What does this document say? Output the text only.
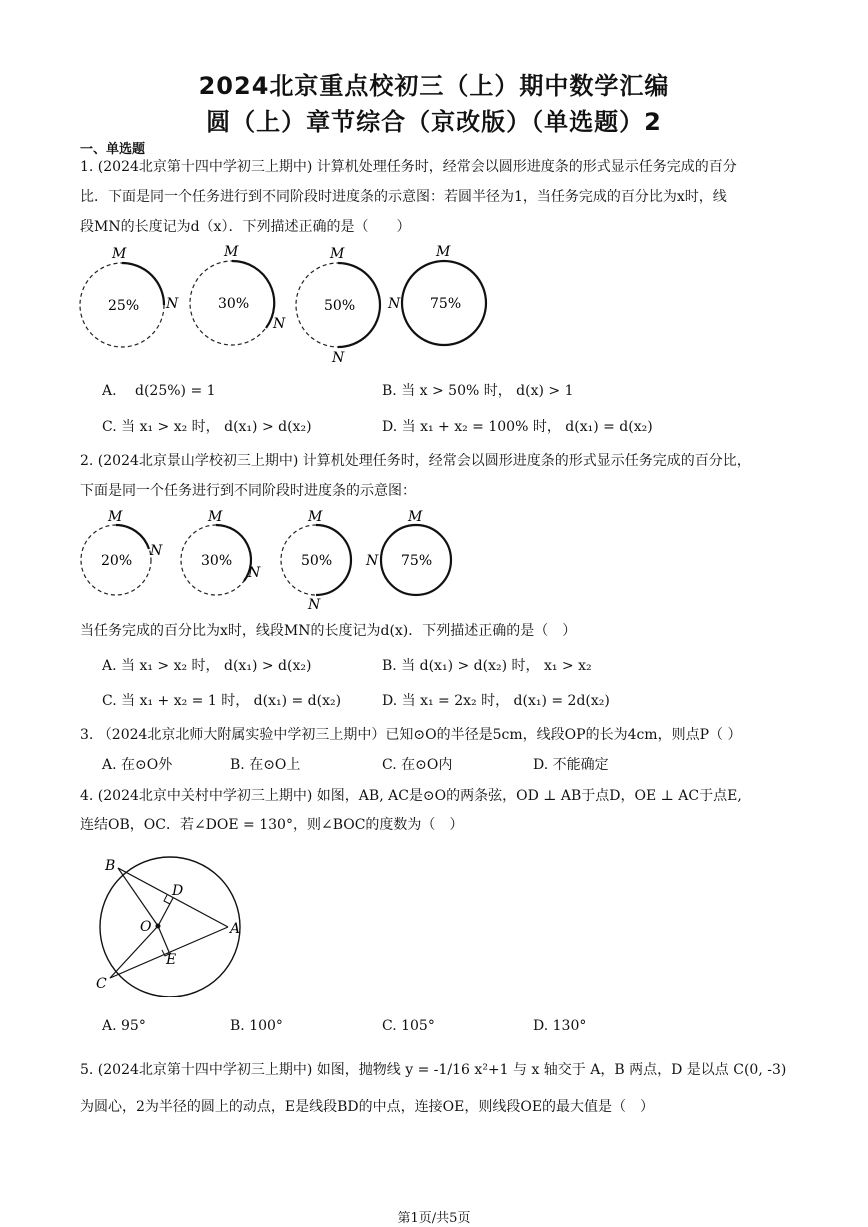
2024北京重点校初三（上）期中数学汇编
圆（上）章节综合（京改版）（单选题）2
一、单选题
1. (2024北京第十四中学初三上期中) 计算机处理任务时，经常会以圆形进度条的形式显示任务完成的百分
比．下面是同一个任务进行到不同阶段时进度条的示意图：若圆半径为1，当任务完成的百分比为x时，线
段MN的长度记为d（x）．下列描述正确的是（　　）
25%
M
N	30%
M
N
50%
M
N
75%
M
N
A.　 d(25%) = 1	B. 当 x > 50% 时， d(x) > 1
C. 当 x₁ > x₂ 时， d(x₁) > d(x₂)	D. 当 x₁ + x₂ = 100% 时， d(x₁) = d(x₂)
2. (2024北京景山学校初三上期中) 计算机处理任务时，经常会以圆形进度条的形式显示任务完成的百分比，
下面是同一个任务进行到不同阶段时进度条的示意图：
20%
M
N
30%
M
N
50%
M
N
75%
M
N
当任务完成的百分比为x时，线段MN的长度记为d(x)．下列描述正确的是（　）
A. 当 x₁ > x₂ 时， d(x₁) > d(x₂)	B. 当 d(x₁) > d(x₂) 时， x₁ > x₂
C. 当 x₁ + x₂ = 1 时， d(x₁) = d(x₂)	D. 当 x₁ = 2x₂ 时， d(x₁) = 2d(x₂)
3. （2024北京北师大附属实验中学初三上期中）已知⊙O的半径是5cm，线段OP的长为4cm，则点P（ ）
A. 在⊙O外	B. 在⊙O上	C. 在⊙O内	D. 不能确定
4. (2024北京中关村中学初三上期中) 如图，AB, AC是⊙O的两条弦，OD ⊥ AB于点D，OE ⊥ AC于点E,
连结OB，OC．若∠DOE = 130°，则∠BOC的度数为（　）
B
D
O	A
E
C
A. 95°	B. 100°	C. 105°	D. 130°
5. (2024北京第十四中学初三上期中) 如图，抛物线 y = -1/16 x²+1 与 x 轴交于 A，B 两点，D 是以点 C(0, -3)
为圆心，2为半径的圆上的动点，E是线段BD的中点，连接OE，则线段OE的最大值是（　）
第1页/共5页
